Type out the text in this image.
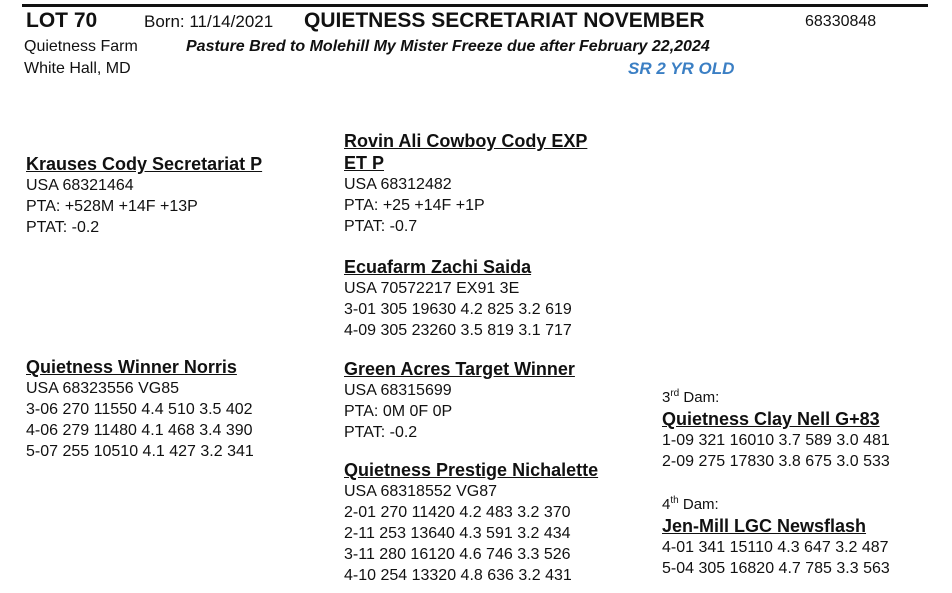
LOT 70	Born: 11/14/2021 QUIETNESS SECRETARIAT NOVEMBER	68330848
Quietness Farm
White Hall, MD
Pasture Bred to Molehill My Mister Freeze due after February 22,2024
SR 2 YR OLD
Krauses Cody Secretariat P
USA 68321464
PTA: +528M +14F +13P
PTAT: -0.2
Rovin Ali Cowboy Cody EXP
ET P
USA 68312482
PTA: +25 +14F +1P
PTAT: -0.7
Ecuafarm Zachi Saida
USA 70572217 EX91 3E
3-01 305 19630 4.2 825 3.2 619
4-09 305 23260 3.5 819 3.1 717
Quietness Winner Norris
USA 68323556 VG85
3-06 270 11550 4.4 510 3.5 402
4-06 279 11480 4.1 468 3.4 390
5-07 255 10510 4.1 427 3.2 341
Green Acres Target Winner
USA 68315699
PTA: 0M 0F 0P
PTAT: -0.2
Quietness Prestige Nichalette
USA 68318552 VG87
2-01 270 11420 4.2 483 3.2 370
2-11 253 13640 4.3 591 3.2 434
3-11 280 16120 4.6 746 3.3 526
4-10 254 13320 4.8 636 3.2 431
3rd Dam:
Quietness Clay Nell G+83
1-09 321 16010 3.7 589 3.0 481
2-09 275 17830 3.8 675 3.0 533
4th Dam:
Jen-Mill LGC Newsflash
4-01 341 15110 4.3 647 3.2 487
5-04 305 16820 4.7 785 3.3 563
